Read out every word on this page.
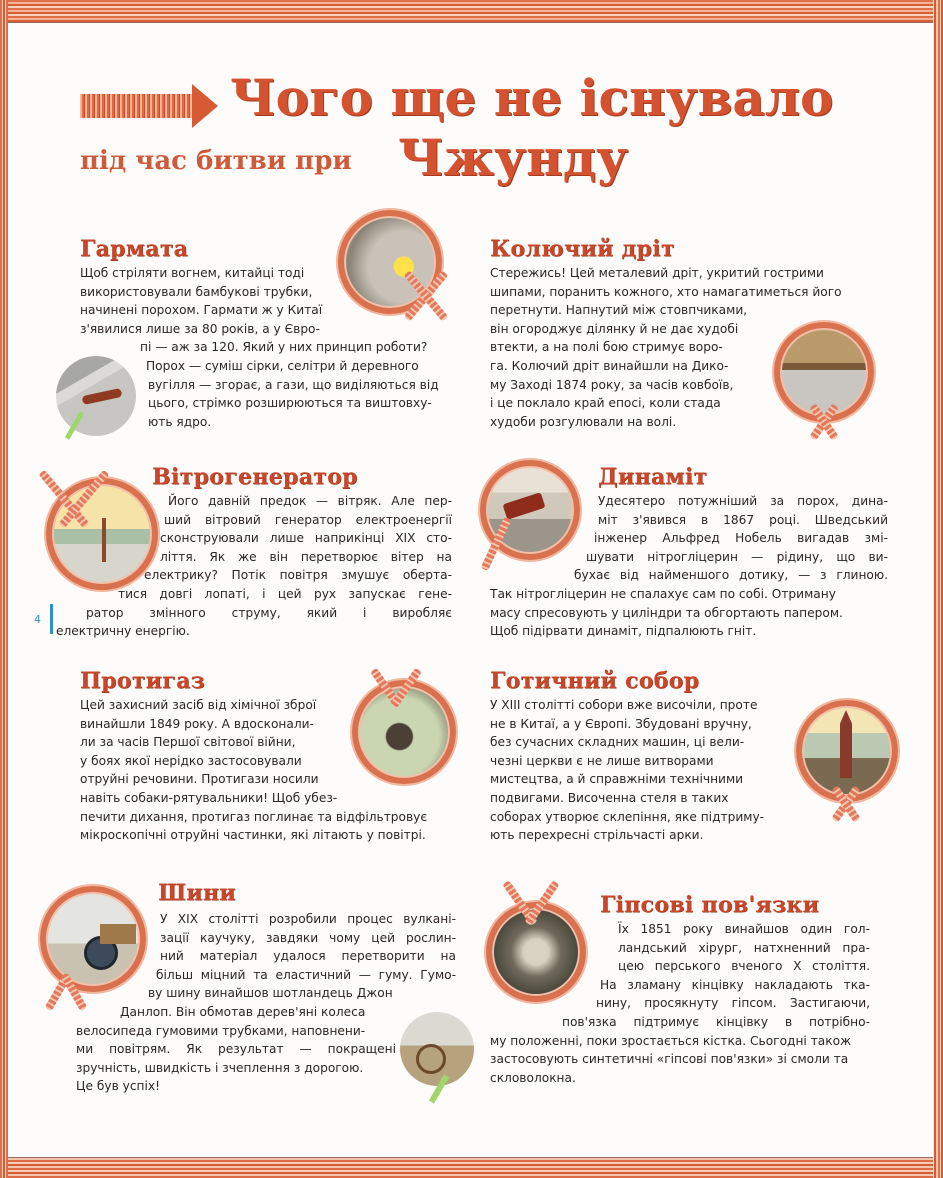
Чого ще не існувало
під час битви при Чжунду
Гармата

Щоб стріляти вогнем, китайці тоді
використовували бамбукові трубки,
начинені порохом. Гармати ж у Китаї
з'явилися лише за 80 років, а у Євро-
пі — аж за 120. Який у них принцип роботи?
Порох — суміш сірки, селітри й деревного
вугілля — згорає, а гази, що виділяються від
цього, стрімко розширюються та виштовху-
ють ядро.

Колючий дріт

Стережись! Цей металевий дріт, укритий гострими
шипами, поранить кожного, хто намагатиметься його
перетнути. Напнутий між стовпчиками,
він огороджує ділянку й не дає худобі
втекти, а на полі бою стримує воро-
га. Колючий дріт винайшли на Дико-
му Заході 1874 року, за часів ковбоїв,
і це поклало край епосі, коли стада
худоби розгулювали на волі.

Вітрогенератор

Його давній предок — вітряк. Але пер-
ший вітровий генератор електроенергії
сконструювали лише наприкінці XIX сто-
ліття. Як же він перетворює вітер на
електрику? Потік повітря змушує оберта-
тися довгі лопаті, і цей рух запускає гене-
ратор змінного струму, який і виробляє
електричну енергію.

4
Динаміт

Удесятеро потужніший за порох, дина-
міт з'явився в 1867 році. Шведський
інженер Альфред Нобель вигадав змі-
шувати нітрогліцерин — рідину, що ви-
бухає від найменшого дотику, — з глиною.
Так нітрогліцерин не спалахує сам по собі. Отриману
масу спресовують у циліндри та обгортають папером.
Щоб підірвати динаміт, підпалюють гніт.

Протигаз

Цей захисний засіб від хімічної зброї
винайшли 1849 року. А вдосконали-
ли за часів Першої світової війни,
у боях якої нерідко застосовували
отруйні речовини. Протигази носили
навіть собаки-рятувальники! Щоб убез-
печити дихання, протигаз поглинає та відфільтровує
мікроскопічні отруйні частинки, які літають у повітрі.

Готичний собор

У XIII столітті собори вже височіли, проте
не в Китаї, а у Європі. Збудовані вручну,
без сучасних складних машин, ці вели-
чезні церкви є не лише витворами
мистецтва, а й справжніми технічними
подвигами. Височенна стеля в таких
соборах утворює склепіння, яке підтриму-
ють перехресні стрільчасті арки.

Шини

У XIX столітті розробили процес вулкані-
зації каучуку, завдяки чому цей рослин-
ний матеріал удалося перетворити на
більш міцний та еластичний — гуму. Гумо-
ву шину винайшов шотландець Джон
Данлоп. Він обмотав дерев'яні колеса
велосипеда гумовими трубками, наповнени-
ми повітрям. Як результат — покращені
зручність, швидкість і зчеплення з дорогою.
Це був успіх!

Гіпсові пов'язки

Їх 1851 року винайшов один гол-
ландський хірург, натхненний пра-
цею перського вченого X століття.
На зламану кінцівку накладають тка-
нину, просякнуту гіпсом. Застигаючи,
пов'язка підтримує кінцівку в потрібно-
му положенні, поки зростається кістка. Сьогодні також
застосовують синтетичні «гіпсові пов'язки» зі смоли та
скловолокна.
